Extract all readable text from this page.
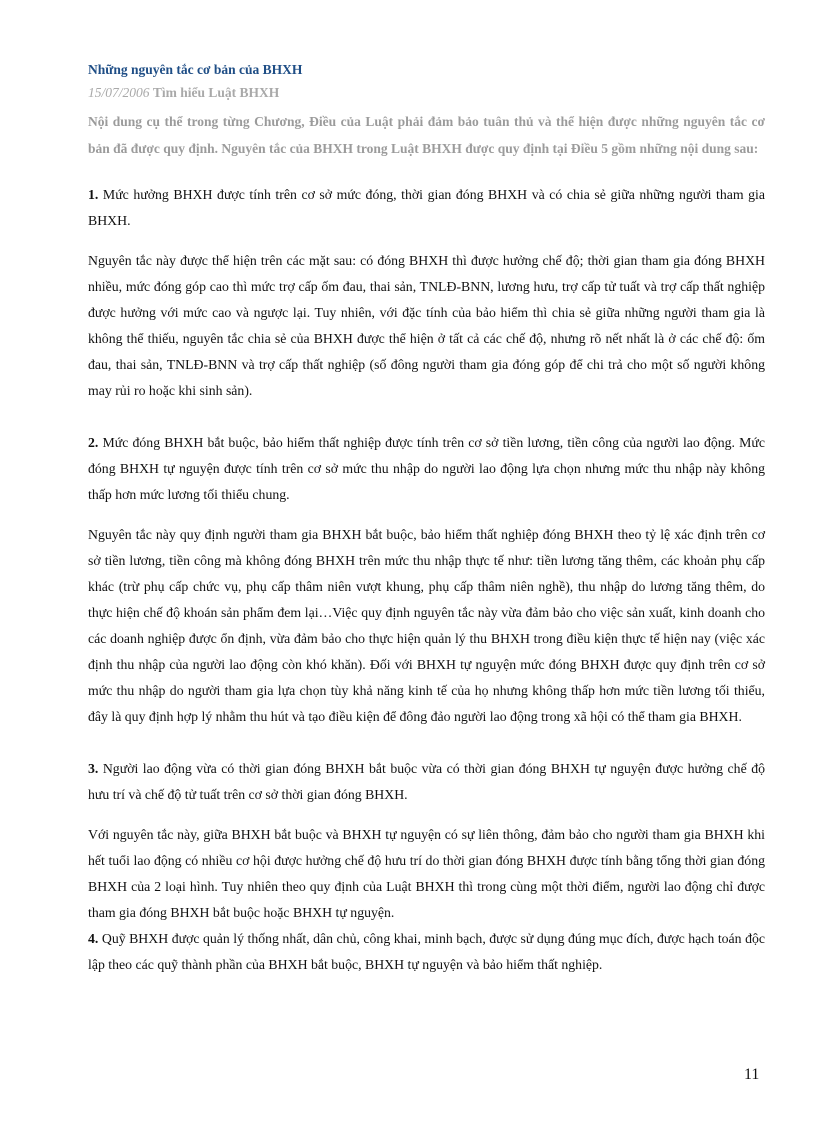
Những nguyên tắc cơ bản của BHXH

15/07/2006 Tìm hiểu Luật BHXH

Nội dung cụ thể trong từng Chương, Điều của Luật phải đảm bảo tuân thủ và thể hiện được những nguyên tắc cơ bản đã được quy định. Nguyên tắc của BHXH trong Luật BHXH được quy định tại Điều 5 gồm những nội dung sau:

1. Mức hưởng BHXH được tính trên cơ sở mức đóng, thời gian đóng BHXH và có chia sẻ giữa những người tham gia BHXH.

Nguyên tắc này được thể hiện trên các mặt sau: có đóng BHXH thì được hưởng chế độ; thời gian tham gia đóng BHXH nhiều, mức đóng góp cao thì mức trợ cấp ốm đau, thai sản, TNLĐ-BNN, lương hưu, trợ cấp tử tuất và trợ cấp thất nghiệp được hưởng với mức cao và ngược lại. Tuy nhiên, với đặc tính của bảo hiểm thì chia sẻ giữa những người tham gia là không thể thiếu, nguyên tắc chia sẻ của BHXH được thể hiện ở tất cả các chế độ, nhưng rõ nết nhất là ở các chế độ: ốm đau, thai sản, TNLĐ-BNN và trợ cấp thất nghiệp (số đông người tham gia đóng góp để chi trả cho một số người không may rủi ro hoặc khi sinh sản).

2. Mức đóng BHXH bắt buộc, bảo hiểm thất nghiệp được tính trên cơ sở tiền lương, tiền công của người lao động. Mức đóng BHXH tự nguyện được tính trên cơ sở mức thu nhập do người lao động lựa chọn nhưng mức thu nhập này không thấp hơn mức lương tối thiểu chung.

Nguyên tắc này quy định người tham gia BHXH bắt buộc, bảo hiểm thất nghiệp đóng BHXH theo tỷ lệ xác định trên cơ sở tiền lương, tiền công mà không đóng BHXH trên mức thu nhập thực tế như: tiền lương tăng thêm, các khoản phụ cấp khác (trừ phụ cấp chức vụ, phụ cấp thâm niên vượt khung, phụ cấp thâm niên nghề), thu nhập do lương tăng thêm, do thực hiện chế độ khoán sản phẩm đem lại…Việc quy định nguyên tắc này vừa đảm bảo cho việc sản xuất, kinh doanh cho các doanh nghiệp được ổn định, vừa đảm bảo cho thực hiện quản lý thu BHXH trong điều kiện thực tế hiện nay (việc xác định thu nhập của người lao động còn khó khăn). Đối với BHXH tự nguyện mức đóng BHXH được quy định trên cơ sở mức thu nhập do người tham gia lựa chọn tùy khả năng kinh tế của họ nhưng không thấp hơn mức tiền lương tối thiểu, đây là quy định hợp lý nhằm thu hút và tạo điều kiện để đông đảo người lao động trong xã hội có thể tham gia BHXH.

3. Người lao động vừa có thời gian đóng BHXH bắt buộc vừa có thời gian đóng BHXH tự nguyện được hưởng chế độ hưu trí và chế độ tử tuất trên cơ sở thời gian đóng BHXH.

Với nguyên tắc này, giữa BHXH bắt buộc và BHXH tự nguyện có sự liên thông, đảm bảo cho người tham gia BHXH khi hết tuổi lao động có nhiều cơ hội được hưởng chế độ hưu trí do thời gian đóng BHXH được tính bằng tổng thời gian đóng BHXH của 2 loại hình. Tuy nhiên theo quy định của Luật BHXH thì trong cùng một thời điểm, người lao động chỉ được tham gia đóng BHXH bắt buộc hoặc BHXH tự nguyện.

4. Quỹ BHXH được quản lý thống nhất, dân chủ, công khai, minh bạch, được sử dụng đúng mục đích, được hạch toán độc lập theo các quỹ thành phần của BHXH bắt buộc, BHXH tự nguyện và bảo hiểm thất nghiệp.

11
